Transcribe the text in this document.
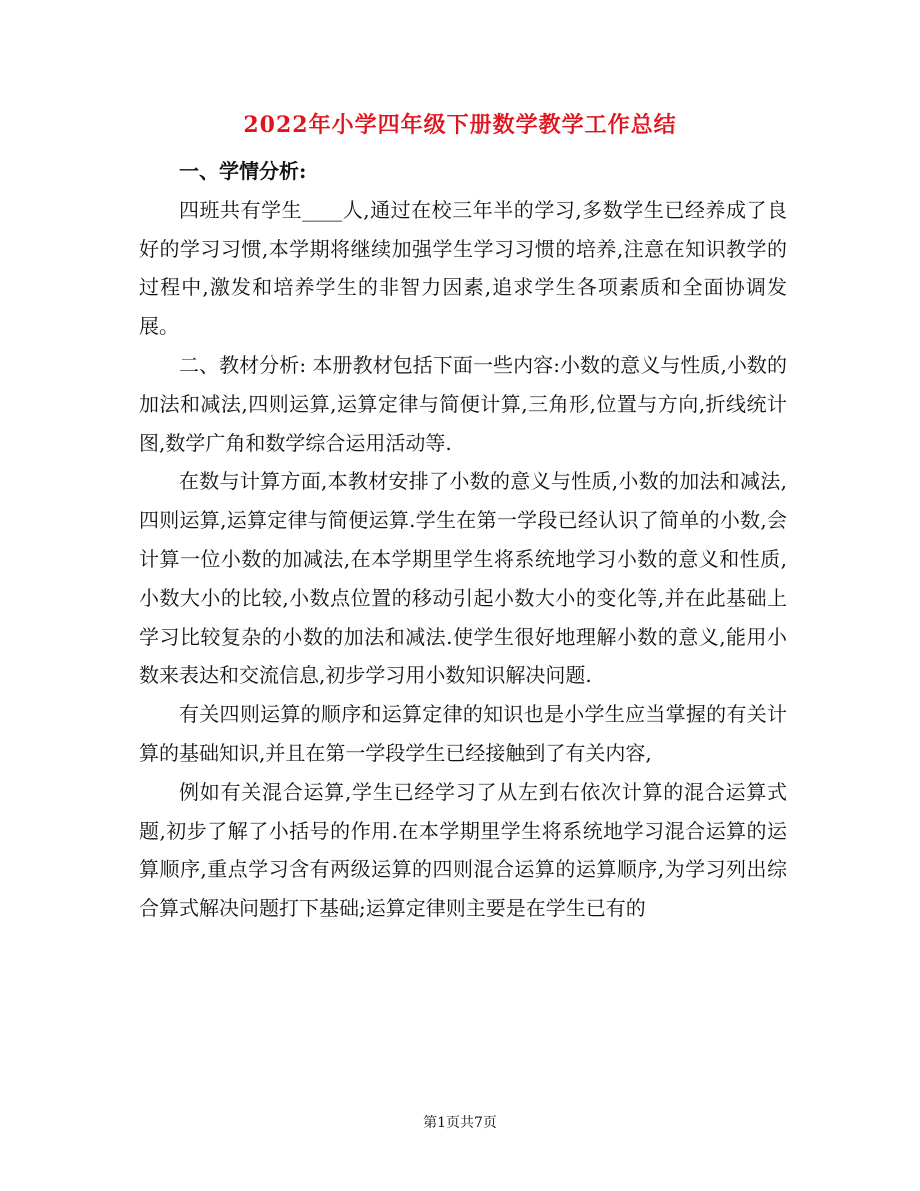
2022年小学四年级下册数学教学工作总结

一、学情分析:

四班共有学生____人,通过在校三年半的学习,多数学生已经养成了良好的学习习惯,本学期将继续加强学生学习习惯的培养,注意在知识教学的过程中,激发和培养学生的非智力因素,追求学生各项素质和全面协调发展。

二、教材分析: 本册教材包括下面一些内容:小数的意义与性质,小数的加法和减法,四则运算,运算定律与简便计算,三角形,位置与方向,折线统计图,数学广角和数学综合运用活动等.

在数与计算方面,本教材安排了小数的意义与性质,小数的加法和减法,四则运算,运算定律与简便运算.学生在第一学段已经认识了简单的小数,会计算一位小数的加减法,在本学期里学生将系统地学习小数的意义和性质,小数大小的比较,小数点位置的移动引起小数大小的变化等,并在此基础上学习比较复杂的小数的加法和减法.使学生很好地理解小数的意义,能用小数来表达和交流信息,初步学习用小数知识解决问题.

有关四则运算的顺序和运算定律的知识也是小学生应当掌握的有关计算的基础知识,并且在第一学段学生已经接触到了有关内容,

例如有关混合运算,学生已经学习了从左到右依次计算的混合运算式题,初步了解了小括号的作用.在本学期里学生将系统地学习混合运算的运算顺序,重点学习含有两级运算的四则混合运算的运算顺序,为学习列出综合算式解决问题打下基础;运算定律则主要是在学生已有的

第1页共7页
